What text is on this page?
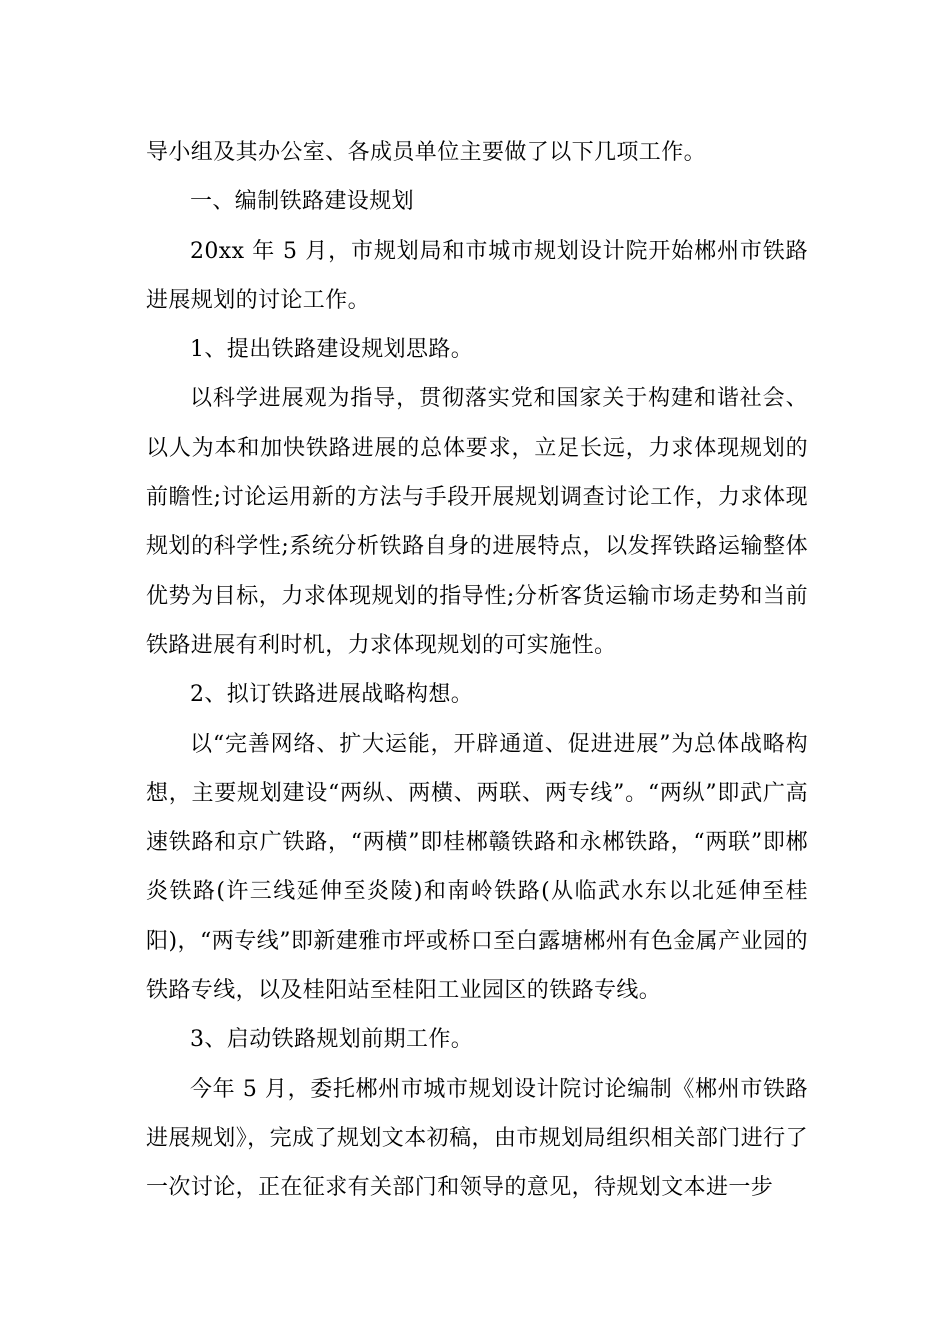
导小组及其办公室、各成员单位主要做了以下几项工作。

一、编制铁路建设规划

20xx 年 5 月，市规划局和市城市规划设计院开始郴州市铁路进展规划的讨论工作。

1、提出铁路建设规划思路。

以科学进展观为指导，贯彻落实党和国家关于构建和谐社会、以人为本和加快铁路进展的总体要求，立足长远，力求体现规划的前瞻性;讨论运用新的方法与手段开展规划调查讨论工作，力求体现规划的科学性;系统分析铁路自身的进展特点，以发挥铁路运输整体优势为目标，力求体现规划的指导性;分析客货运输市场走势和当前铁路进展有利时机，力求体现规划的可实施性。

2、拟订铁路进展战略构想。

以“完善网络、扩大运能，开辟通道、促进进展”为总体战略构想，主要规划建设“两纵、两横、两联、两专线”。“两纵”即武广高速铁路和京广铁路，“两横”即桂郴赣铁路和永郴铁路，“两联”即郴炎铁路(许三线延伸至炎陵)和南岭铁路(从临武水东以北延伸至桂阳)，“两专线”即新建雅市坪或桥口至白露塘郴州有色金属产业园的铁路专线，以及桂阳站至桂阳工业园区的铁路专线。

3、启动铁路规划前期工作。

今年 5 月，委托郴州市城市规划设计院讨论编制《郴州市铁路进展规划》，完成了规划文本初稿，由市规划局组织相关部门进行了一次讨论，正在征求有关部门和领导的意见，待规划文本进一步
